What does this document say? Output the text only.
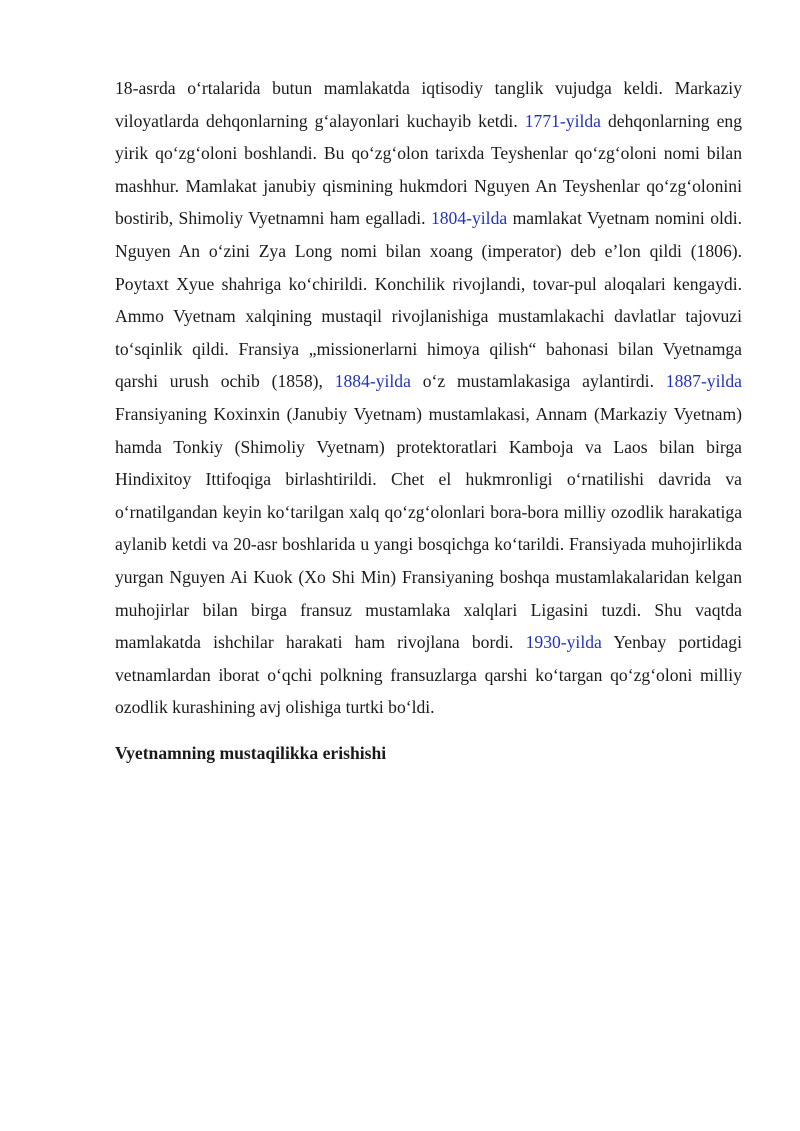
18-asrda o‘rtalarida butun mamlakatda iqtisodiy tanglik vujudga keldi. Markaziy viloyatlarda dehqonlarning g‘alayonlari kuchayib ketdi. 1771-yilda dehqonlarning eng yirik qo‘zg‘oloni boshlandi. Bu qo‘zg‘olon tarixda Teyshenlar qo‘zg‘oloni nomi bilan mashhur. Mamlakat janubiy qismining hukmdori Nguyen An Teyshenlar qo‘zg‘olonini bostirib, Shimoliy Vyetnamni ham egalladi. 1804-yilda mamlakat Vyetnam nomini oldi. Nguyen An o‘zini Zya Long nomi bilan xoang (imperator) deb e’lon qildi (1806). Poytaxt Xyue shahriga ko‘chirildi. Konchilik rivojlandi, tovar-pul aloqalari kengaydi. Ammo Vyetnam xalqining mustaqil rivojlanishiga mustamlakachi davlatlar tajovuzi to‘sqinlik qildi. Fransiya „missionerlarni himoya qilish“ bahonasi bilan Vyetnamga qarshi urush ochib (1858), 1884-yilda o‘z mustamlakasiga aylantirdi. 1887-yilda Fransiyaning Koxinxin (Janubiy Vyetnam) mustamlakasi, Annam (Markaziy Vyetnam) hamda Tonkiy (Shimoliy Vyetnam) protektoratlari Kamboja va Laos bilan birga Hindixitoy Ittifoqiga birlashtirildi. Chet el hukmronligi o‘rnatilishi davrida va o‘rnatilgandan keyin ko‘tarilgan xalq qo‘zg‘olonlari bora-bora milliy ozodlik harakatiga aylanib ketdi va 20-asr boshlarida u yangi bosqichga ko‘tarildi. Fransiyada muhojirlikda yurgan Nguyen Ai Kuok (Xo Shi Min) Fransiyaning boshqa mustamlakalaridan kelgan muhojirlar bilan birga fransuz mustamlaka xalqlari Ligasini tuzdi. Shu vaqtda mamlakatda ishchilar harakati ham rivojlana bordi. 1930-yilda Yenbay portidagi vetnamlardan iborat o‘qchi polkning fransuzlarga qarshi ko‘targan qo‘zg‘oloni milliy ozodlik kurashining avj olishiga turtki bo‘ldi.

Vyetnamning mustaqilikka erishishi
